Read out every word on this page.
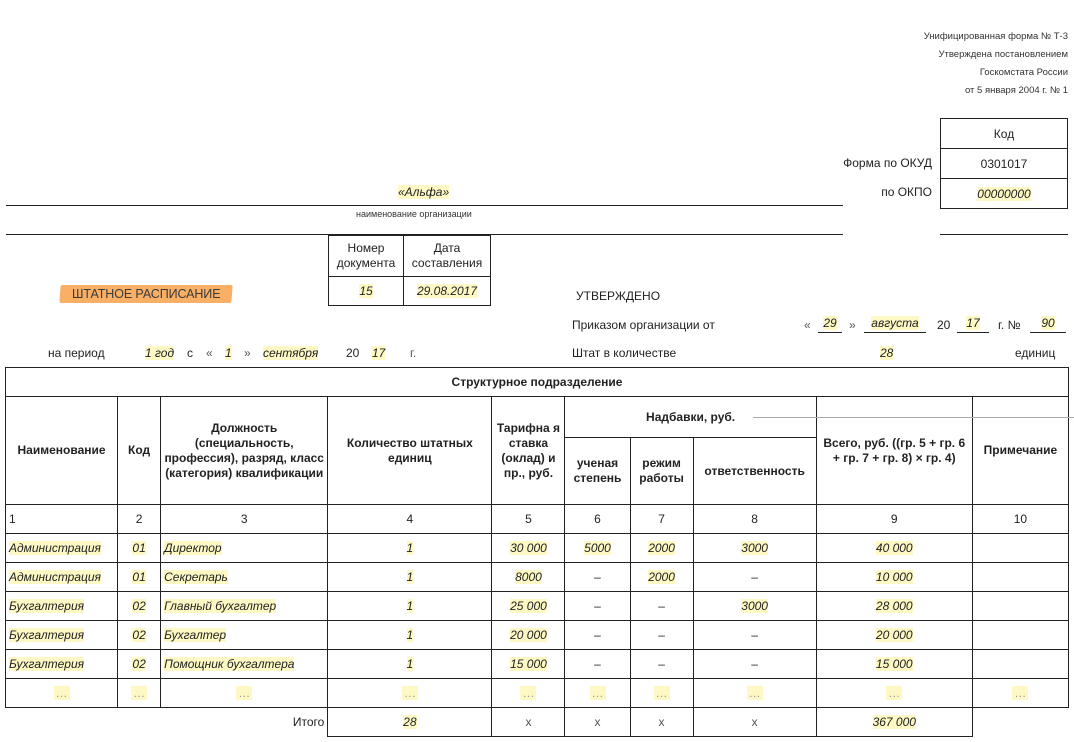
Унифицированная форма № Т-3
Утверждена постановлением
Госкомстата России
от 5 января 2004 г. № 1
Код
0301017
00000000
Форма по ОКУД
по ОКПО
«Альфа»
наименование организации
ШТАТНОЕ РАСПИСАНИЕ
Номер документа	Дата составления
15	29.08.2017	УТВЕРЖДЕНО
Приказом организации от	«	29	»	августа	20	17	г. №	90
Штат в количестве	28	единиц
на период	1 год с « 1 » сентября 20 17 г.
Структурное подразделение									
Наименование	Код	Должность (специальность, профессия), разряд, класс (категория) квалификации	Количество штатных единиц	Тарифна я ставка (оклад) и пр., руб.	Надбавки, руб.			Всего, руб. ((гр. 5 + гр. 6 + гр. 7 + гр. 8) × гр. 4)	Примечание
					ученая степень	режим работы	ответственность		
1	2	3	4	5	6	7	8	9	10
Администрация	01	Директор	1	30 000	5000	2000	3000	40 000	
Администрация	01	Секретарь	1	8000	–	2000	–	10 000	
Бухгалтерия	02	Главный бухгалтер	1	25 000	–	–	3000	28 000	
Бухгалтерия	02	Бухгалтер	1	20 000	–	–	–	20 000	
Бухгалтерия	02	Помощник бухгалтера	1	15 000	–	–	–	15 000	
…	…	…	…	…	…	…	…	…	…
Итого			28	x	x	x	x	367 000	
